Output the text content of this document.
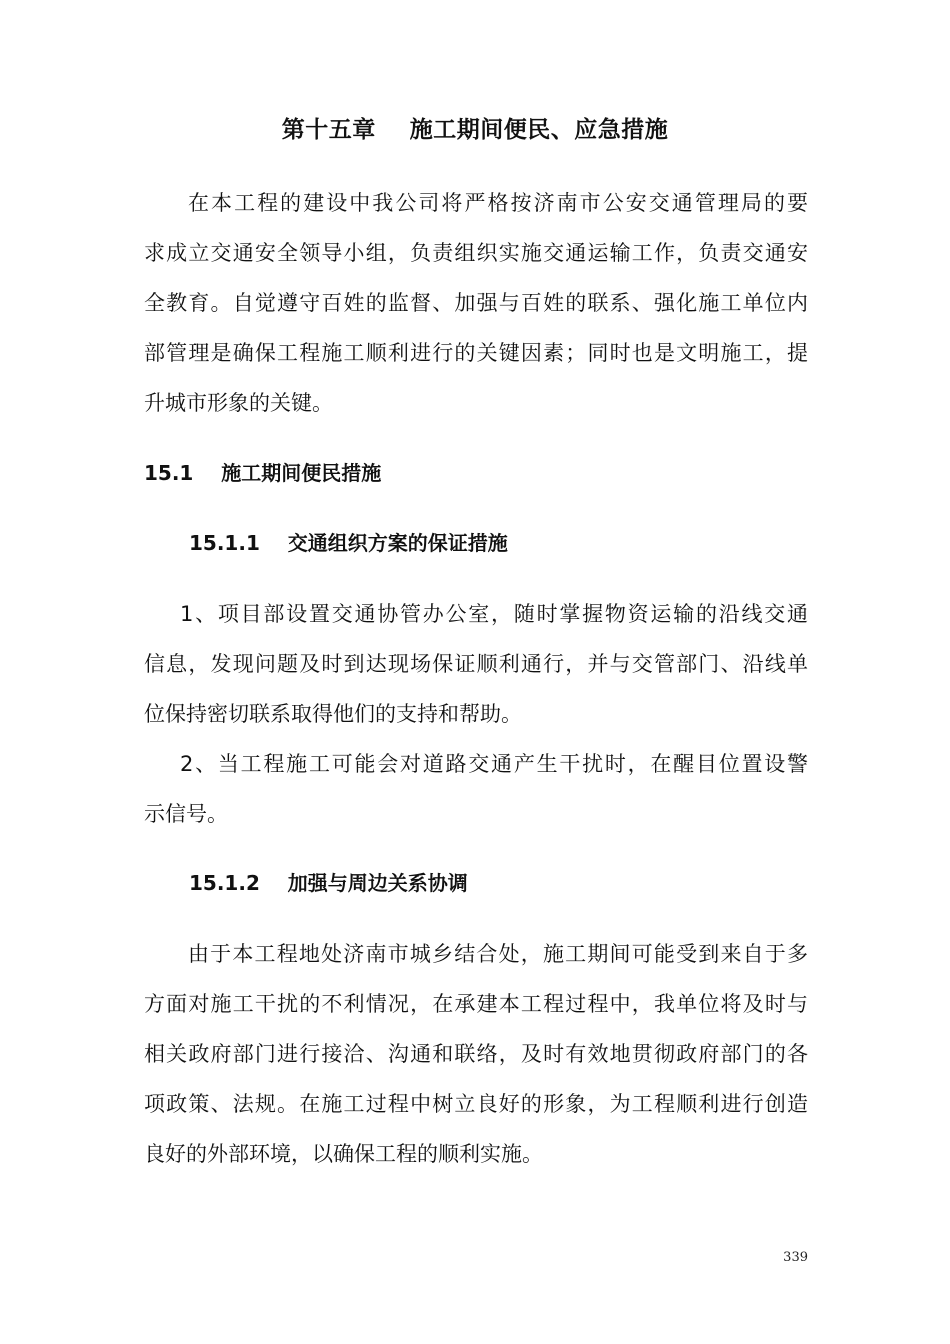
第十五章    施工期间便民、应急措施
在本工程的建设中我公司将严格按济南市公安交通管理局的要
求成立交通安全领导小组，负责组织实施交通运输工作，负责交通安
全教育。自觉遵守百姓的监督、加强与百姓的联系、强化施工单位内
部管理是确保工程施工顺利进行的关键因素；同时也是文明施工，提
升城市形象的关键。
15.1    施工期间便民措施
15.1.1    交通组织方案的保证措施
1、项目部设置交通协管办公室，随时掌握物资运输的沿线交通
信息，发现问题及时到达现场保证顺利通行，并与交管部门、沿线单
位保持密切联系取得他们的支持和帮助。
2、当工程施工可能会对道路交通产生干扰时，在醒目位置设警
示信号。
15.1.2    加强与周边关系协调
由于本工程地处济南市城乡结合处，施工期间可能受到来自于多
方面对施工干扰的不利情况，在承建本工程过程中，我单位将及时与
相关政府部门进行接洽、沟通和联络，及时有效地贯彻政府部门的各
项政策、法规。在施工过程中树立良好的形象，为工程顺利进行创造
良好的外部环境，以确保工程的顺利实施。
339
